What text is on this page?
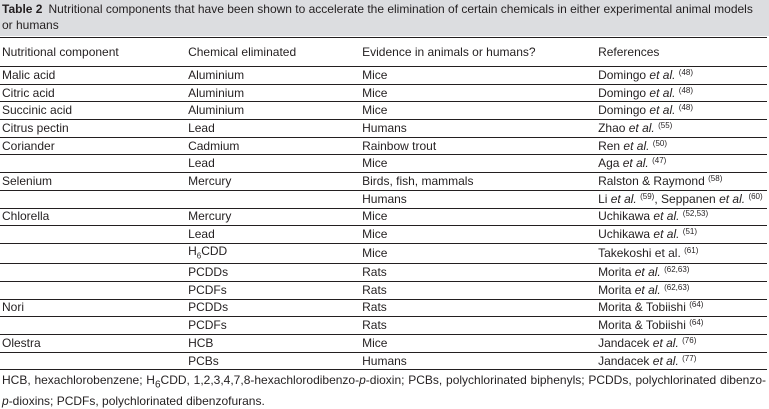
Table 2 Nutritional components that have been shown to accelerate the elimination of certain chemicals in either experimental animal models or humans
Nutritional component	Chemical eliminated	Evidence in animals or humans?	References
Malic acid	Aluminium	Mice	Domingo et al. $^{(48)}$
Citric acid	Aluminium	Mice	Domingo et al. $^{(48)}$
Succinic acid	Aluminium	Mice	Domingo et al. $^{(48)}$
Citrus pectin	Lead	Humans	Zhao et al. $^{(55)}$
Coriander	Cadmium	Rainbow trout	Ren et al. $^{(50)}$
	Lead	Mice	Aga et al. $^{(47)}$
Selenium	Mercury	Birds, fish, mammals	Ralston & Raymond $^{(58)}$
		Humans	Li et al. $^{(59)}$, Seppanen et al. $^{(60)}$
Chlorella	Mercury	Mice	Uchikawa et al. $^{(52,53)}$
	Lead	Mice	Uchikawa et al. $^{(51)}$
	$H_6CDD$	Mice	Takekoshi et al. $^{(61)}$
	PCDDs	Rats	Morita et al. $^{(62,63)}$
	PCDFs	Rats	Morita et al. $^{(62,63)}$
Nori	PCDDs	Rats	Morita & Tobiishi $^{(64)}$
	PCDFs	Rats	Morita & Tobiishi $^{(64)}$
Olestra	HCB	Mice	Jandacek et al. $^{(76)}$
	PCBs	Humans	Jandacek et al. $^{(77)}$
HCB, hexachlorobenzene; $H_6CDD$, 1,2,3,4,7,8-hexachlorodibenzo-p-dioxin; PCBs, polychlorinated biphenyls; PCDDs, polychlorinated dibenzo-p-dioxins; PCDFs, polychlorinated dibenzofurans.
